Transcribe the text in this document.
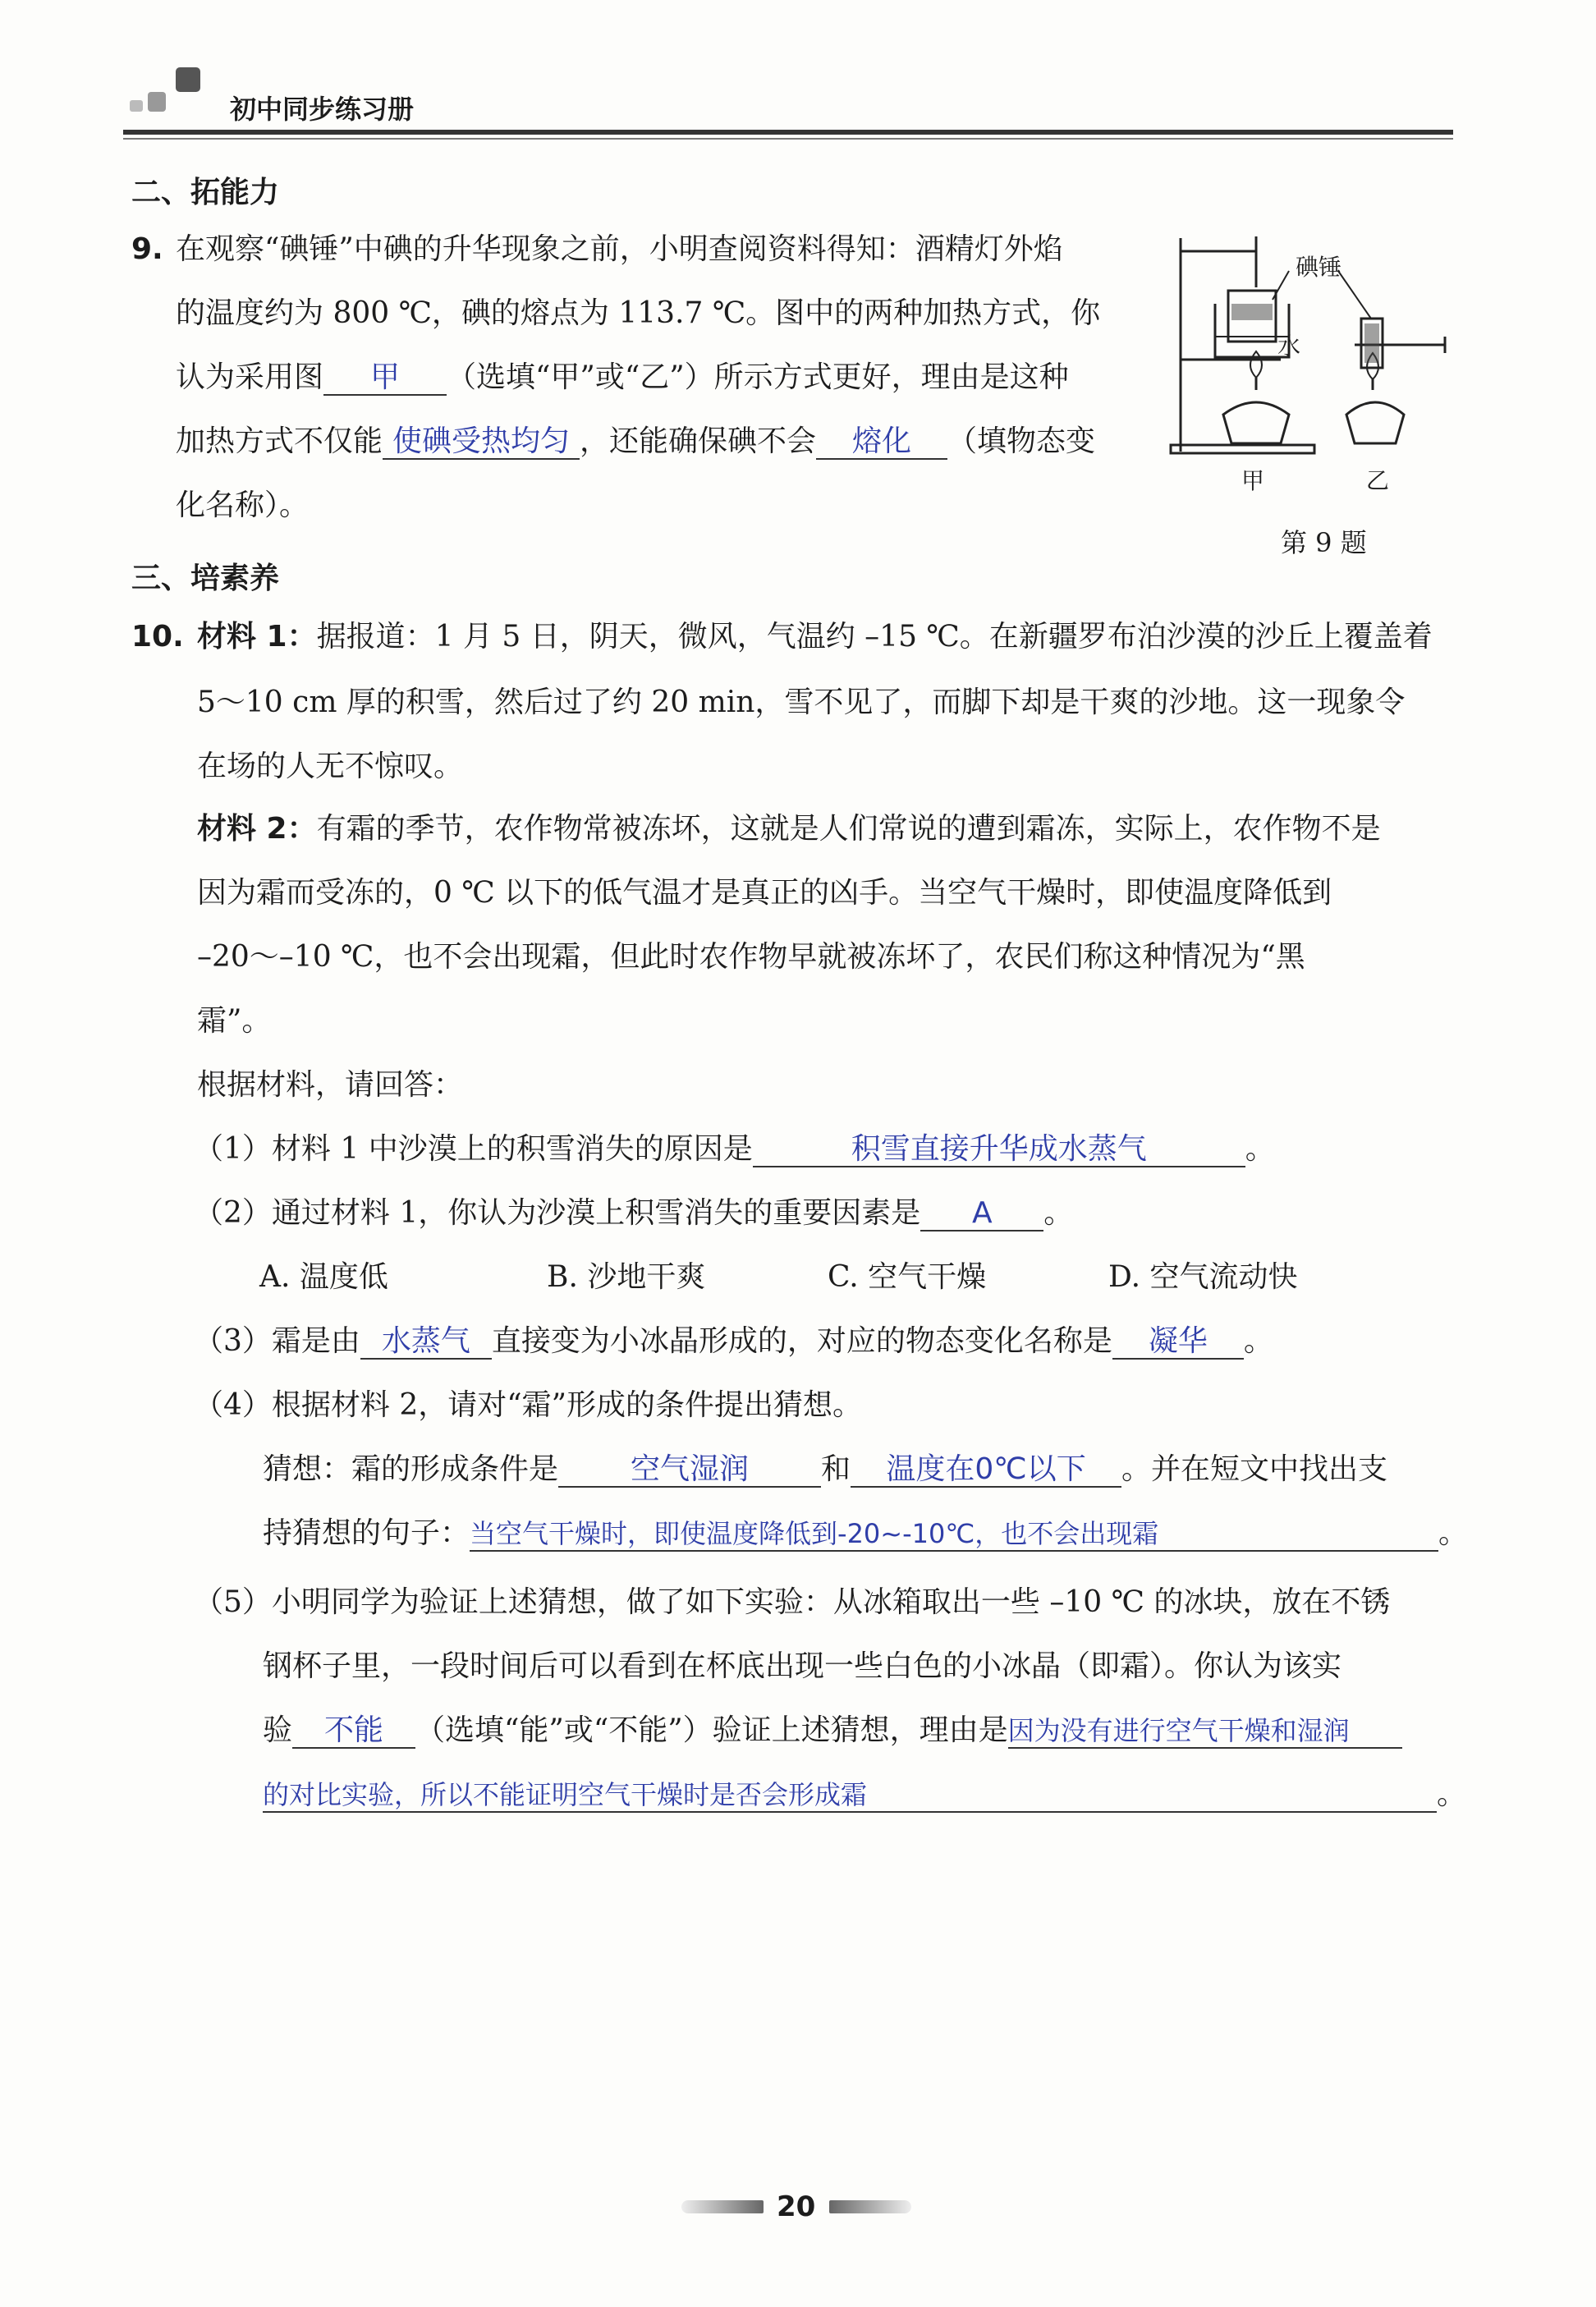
初中同步练习册
二、拓能力
9. 在观察“碘锤”中碘的升华现象之前，小明查阅资料得知：酒精灯外焰
的温度约为 800 ℃，碘的熔点为 113.7 ℃。图中的两种加热方式，你
认为采用图 甲 （选填“甲”或“乙”）所示方式更好，理由是这种
加热方式不仅能 使碘受热均匀 ，还能确保碘不会 熔化 （填物态变
化名称）。
碘锤
水
甲	乙
第 9 题
三、培素养
10. 材料 1：据报道：1 月 5 日，阴天，微风，气温约 –15 ℃。在新疆罗布泊沙漠的沙丘上覆盖着
5～10 cm 厚的积雪，然后过了约 20 min，雪不见了，而脚下却是干爽的沙地。这一现象令
在场的人无不惊叹。
材料 2：有霜的季节，农作物常被冻坏，这就是人们常说的遭到霜冻，实际上，农作物不是
因为霜而受冻的，0 ℃ 以下的低气温才是真正的凶手。当空气干燥时，即使温度降低到
–20～–10 ℃，也不会出现霜，但此时农作物早就被冻坏了，农民们称这种情况为“黑
霜”。
根据材料，请回答：
（1）材料 1 中沙漠上的积雪消失的原因是	积雪直接升华成水蒸气	。
（2）通过材料 1，你认为沙漠上积雪消失的重要因素是 A 。
A. 温度低	B. 沙地干爽	C. 空气干燥	D. 空气流动快
（3）霜是由 水蒸气 直接变为小冰晶形成的，对应的物态变化名称是 凝华 。
（4）根据材料 2，请对“霜”形成的条件提出猜想。
猜想：霜的形成条件是 空气湿润 和 温度在0℃以下 。并在短文中找出支
持猜想的句子：当空气干燥时，即使温度降低到-20~-10℃，也不会出现霜	。
（5）小明同学为验证上述猜想，做了如下实验：从冰箱取出一些 –10 ℃ 的冰块，放在不锈
钢杯子里，一段时间后可以看到在杯底出现一些白色的小冰晶（即霜）。你认为该实
验 不能 （选填“能”或“不能”）验证上述猜想，理由是因为没有进行空气干燥和湿润
的对比实验，所以不能证明空气干燥时是否会形成霜	。
20
